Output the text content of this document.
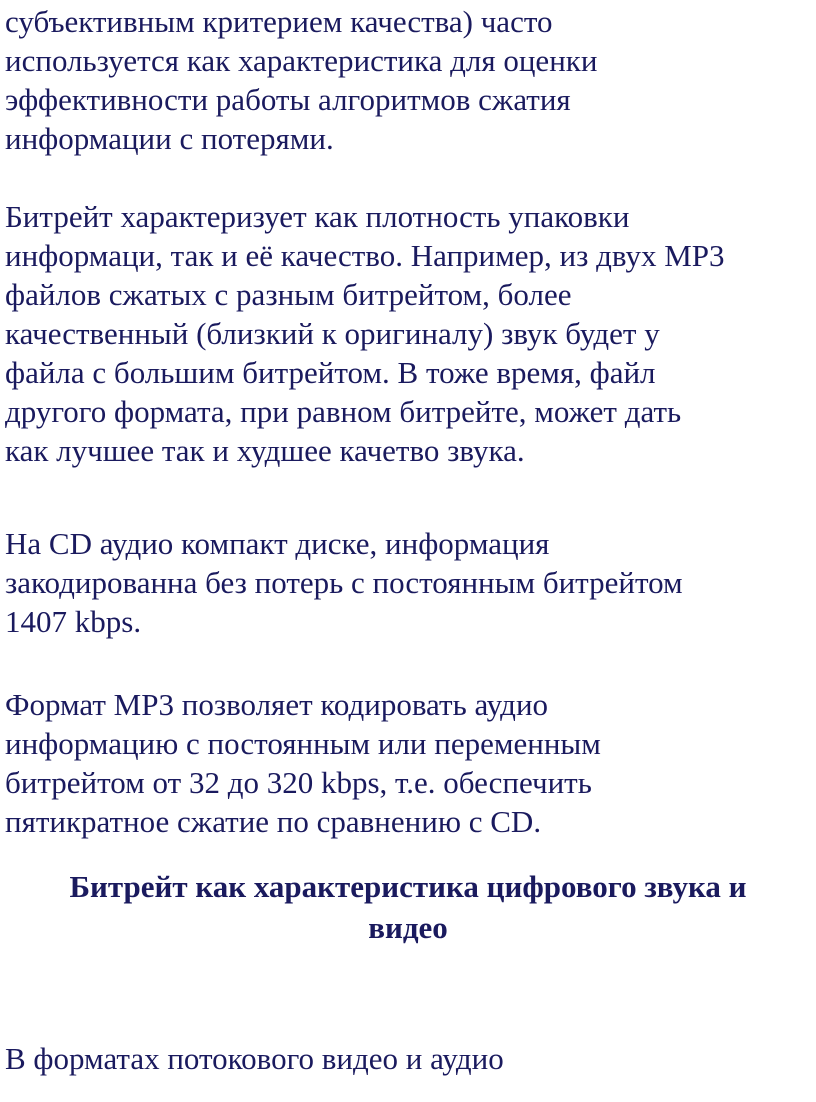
субъективным критерием качества) часто
используется как характеристика для оценки
эффективности работы алгоритмов сжатия
информации с потерями.
Битрейт характеризует как плотность упаковки
информаци, так и её качество. Например, из двух MP3
файлов сжатых с разным битрейтом, более
качественный (близкий к оригиналу) звук будет у
файла с большим битрейтом. В тоже время, файл
другого формата, при равном битрейте, может дать
как лучшее так и худшее качетво звука.
На CD аудио компакт диске, информация
закодированна без потерь с постоянным битрейтом
1407 kbps.
Формат MP3 позволяет кодировать аудио
информацию с постоянным или переменным
битрейтом от 32 до 320 kbps, т.е. обеспечить
пятикратное сжатие по сравнению с CD.
Битрейт как характеристика цифрового звука и
видео
В форматах потокового видео и аудио
